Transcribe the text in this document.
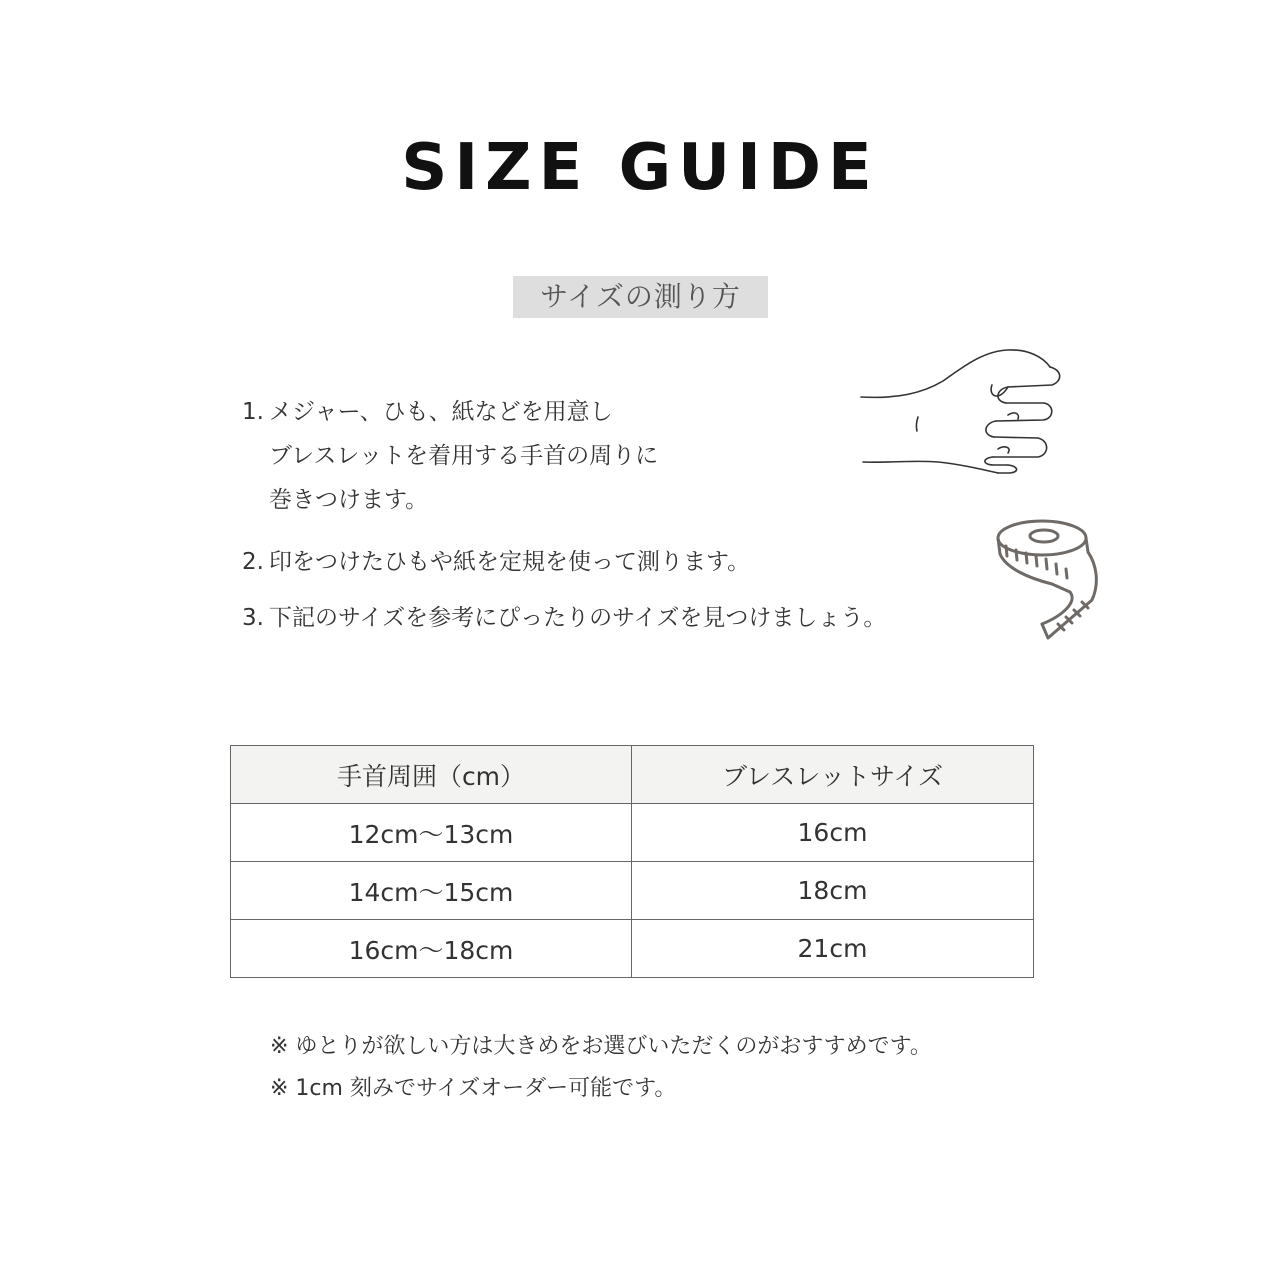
SIZE GUIDE
サイズの測り方
1. メジャー、ひも、紙などを用意し
ブレスレットを着用する手首の周りに
巻きつけます。
2. 印をつけたひもや紙を定規を使って測ります。
3. 下記のサイズを参考にぴったりのサイズを見つけましょう。
手首周囲（cm）	ブレスレットサイズ
12cm〜13cm	16cm
14cm〜15cm	18cm
16cm〜18cm	21cm
※ ゆとりが欲しい方は大きめをお選びいただくのがおすすめです。
※ 1cm 刻みでサイズオーダー可能です。
